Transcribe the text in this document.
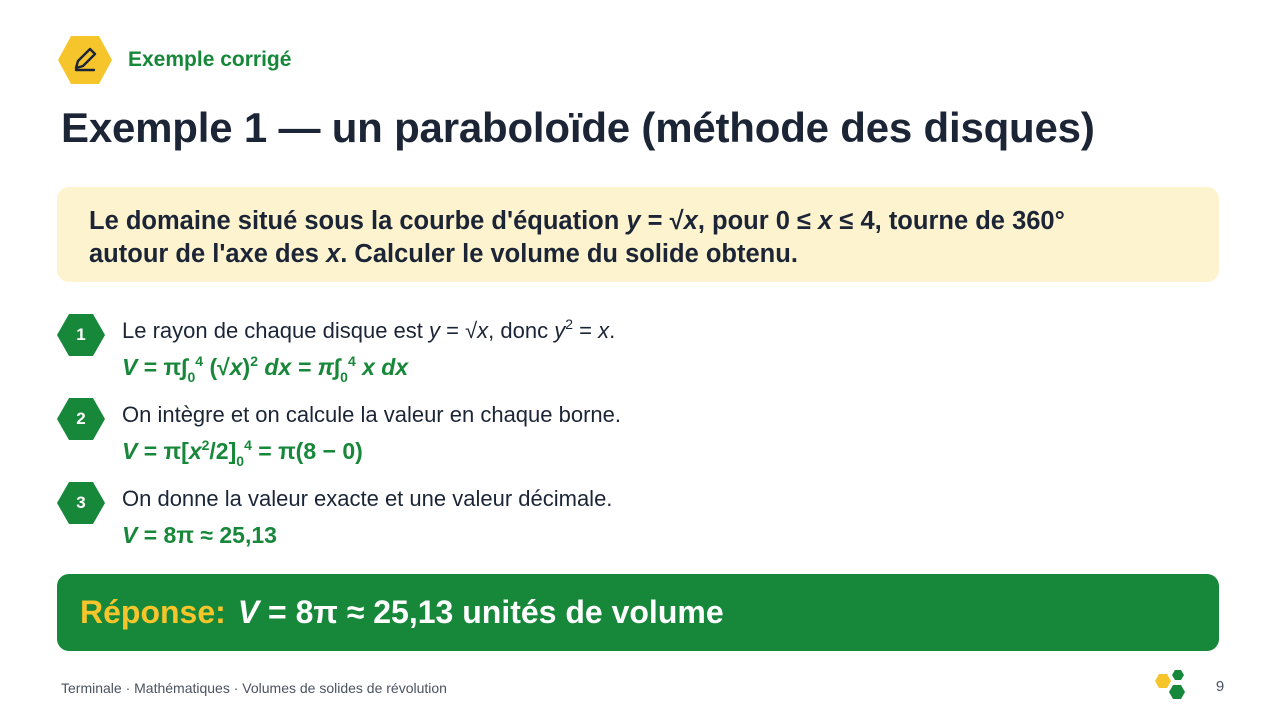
Exemple corrigé
Exemple 1 — un paraboloïde (méthode des disques)

Le domaine situé sous la courbe d'équation y = √x, pour 0 ≤ x ≤ 4, tourne de 360°

autour de l'axe des x. Calculer le volume du solide obtenu.

1	Le rayon de chaque disque est y = √x, donc $y^2 = x$.
$V = \pi\int_0^4$ $(√x)^2$ dx = $\pi\int_0^4$ x dx
2	On intègre et on calcule la valeur en chaque borne.
$V = \pi[x^2/2]_0^4 = \pi(8 - 0)$
3	On donne la valeur exacte et une valeur décimale.
V = 8π ≈ 25,13
Réponse: V = 8π ≈ 25,13 unités de volume
Terminale · Mathématiques · Volumes de solides de révolution	9
